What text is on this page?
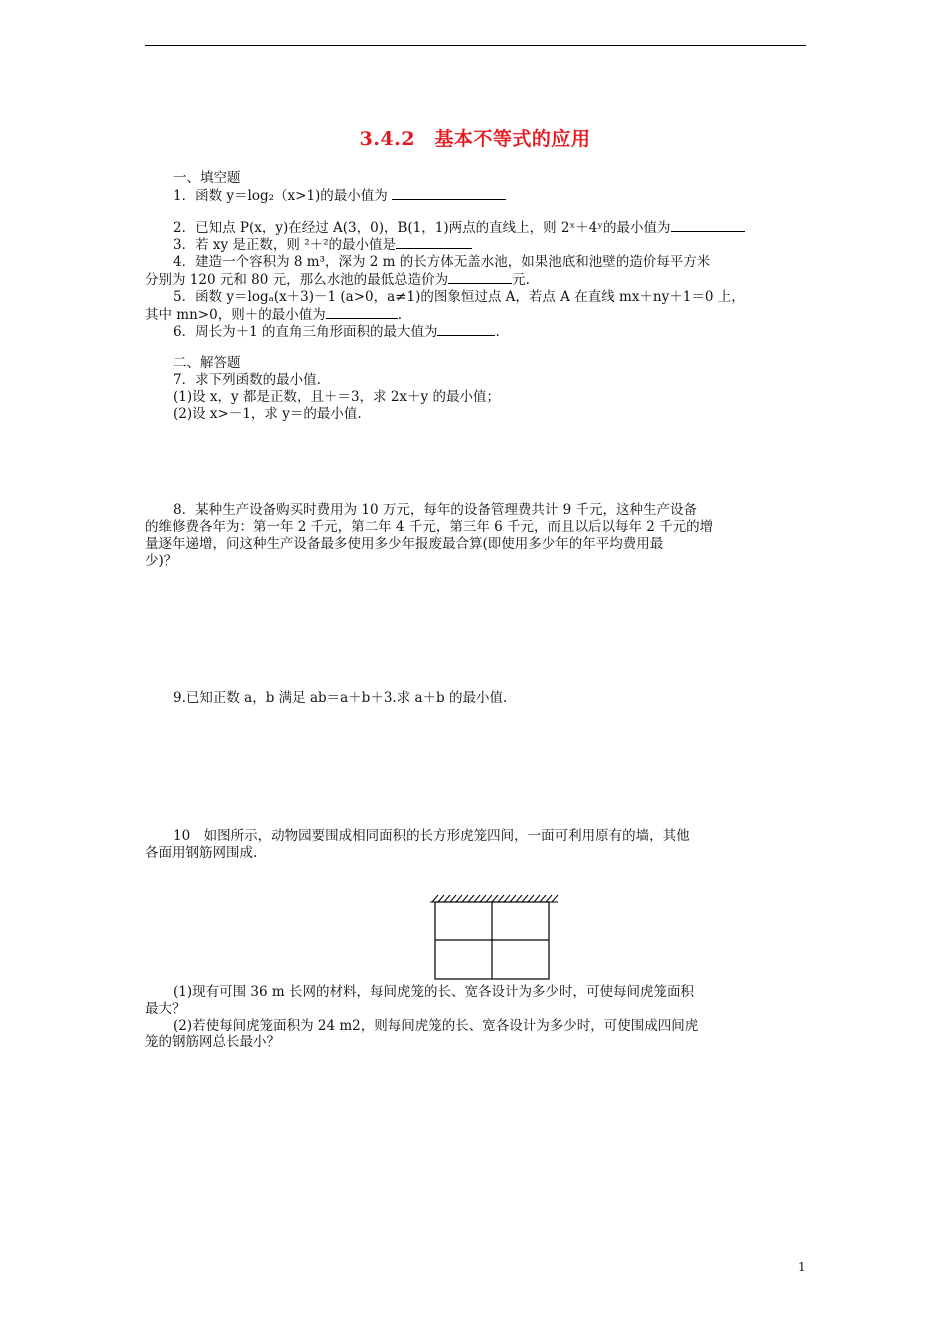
3.4.2　基本不等式的应用
一、填空题
1．函数 y＝log₂（x>1)的最小值为
2．已知点 P(x，y)在经过 A(3，0)，B(1，1)两点的直线上，则 2ˣ＋4ʸ的最小值为
3．若 xy 是正数，则 ²＋²的最小值是
4．建造一个容积为 8 m³，深为 2 m 的长方体无盖水池，如果池底和池壁的造价每平方米
分别为 120 元和 80 元，那么水池的最低总造价为	元.
5．函数 y＝logₐ(x＋3)－1 (a>0，a≠1)的图象恒过点 A，若点 A 在直线 mx＋ny＋1＝0 上，
其中 mn>0，则＋的最小值为	.
6．周长为＋1 的直角三角形面积的最大值为	.
二、解答题
7．求下列函数的最小值.
(1)设 x，y 都是正数，且＋＝3，求 2x＋y 的最小值；
(2)设 x>－1，求 y＝的最小值.
8．某种生产设备购买时费用为 10 万元，每年的设备管理费共计 9 千元，这种生产设备
的维修费各年为：第一年 2 千元，第二年 4 千元，第三年 6 千元，而且以后以每年 2 千元的增
量逐年递增，问这种生产设备最多使用多少年报废最合算(即使用多少年的年平均费用最
少)？
9.已知正数 a，b 满足 ab＝a＋b＋3.求 a＋b 的最小值.
10　如图所示，动物园要围成相同面积的长方形虎笼四间，一面可利用原有的墙，其他
各面用钢筋网围成.
(1)现有可围 36 m 长网的材料，每间虎笼的长、宽各设计为多少时，可使每间虎笼面积
最大？
(2)若使每间虎笼面积为 24 m2，则每间虎笼的长、宽各设计为多少时，可使围成四间虎
笼的钢筋网总长最小？
1
